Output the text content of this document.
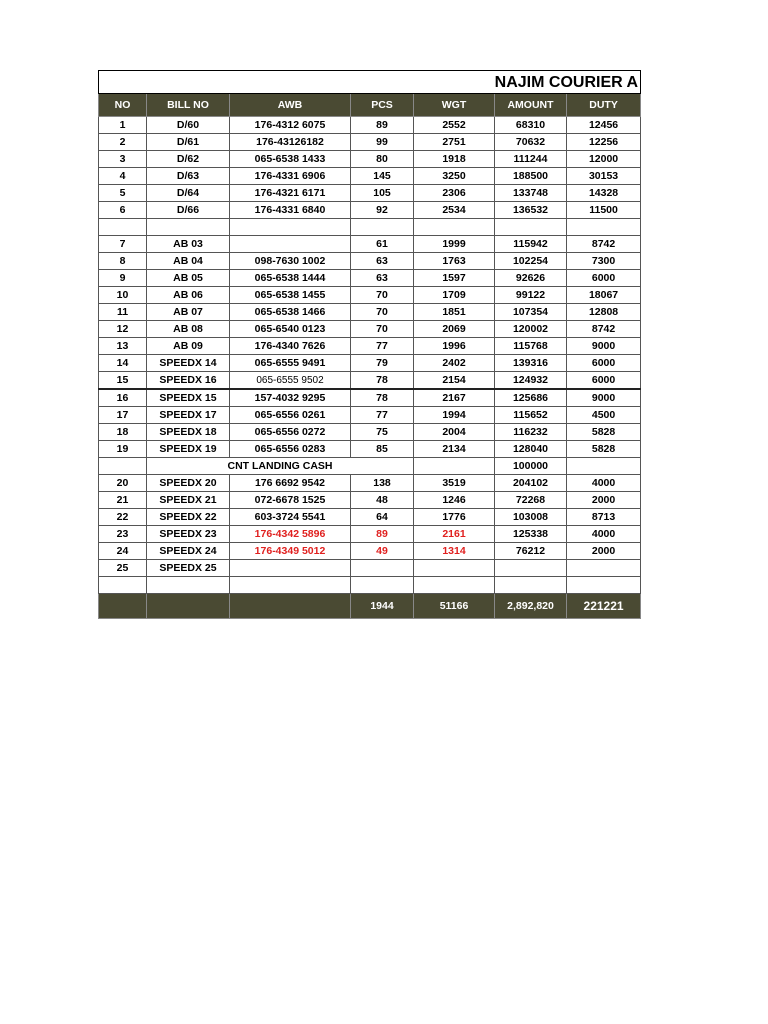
NAJIM COURIER A						
NO	BILL NO	AWB	PCS	WGT	AMOUNT	DUTY
1	D/60	176-4312 6075	89	2552	68310	12456
2	D/61	176-43126182	99	2751	70632	12256
3	D/62	065-6538 1433	80	1918	111244	12000
4	D/63	176-4331 6906	145	3250	188500	30153
5	D/64	176-4321 6171	105	2306	133748	14328
6	D/66	176-4331 6840	92	2534	136532	11500

7	AB 03		61	1999	115942	8742
8	AB 04	098-7630 1002	63	1763	102254	7300
9	AB 05	065-6538 1444	63	1597	92626	6000
10	AB 06	065-6538 1455	70	1709	99122	18067
11	AB 07	065-6538 1466	70	1851	107354	12808
12	AB 08	065-6540 0123	70	2069	120002	8742
13	AB 09	176-4340 7626	77	1996	115768	9000
14	SPEEDX 14	065-6555 9491	79	2402	139316	6000
15	SPEEDX 16	065-6555 9502	78	2154	124932	6000
16	SPEEDX 15	157-4032 9295	78	2167	125686	9000
17	SPEEDX 17	065-6556 0261	77	1994	115652	4500
18	SPEEDX 18	065-6556 0272	75	2004	116232	5828
19	SPEEDX 19	065-6556 0283	85	2134	128040	5828
	CNT LANDING CASH				100000	
20	SPEEDX 20	176 6692 9542	138	3519	204102	4000
21	SPEEDX 21	072-6678 1525	48	1246	72268	2000
22	SPEEDX 22	603-3724 5541	64	1776	103008	8713
23	SPEEDX 23	176-4342 5896	89	2161	125338	4000
24	SPEEDX 24	176-4349 5012	49	1314	76212	2000
25	SPEEDX 25					

			1944	51166	2,892,820	221221
